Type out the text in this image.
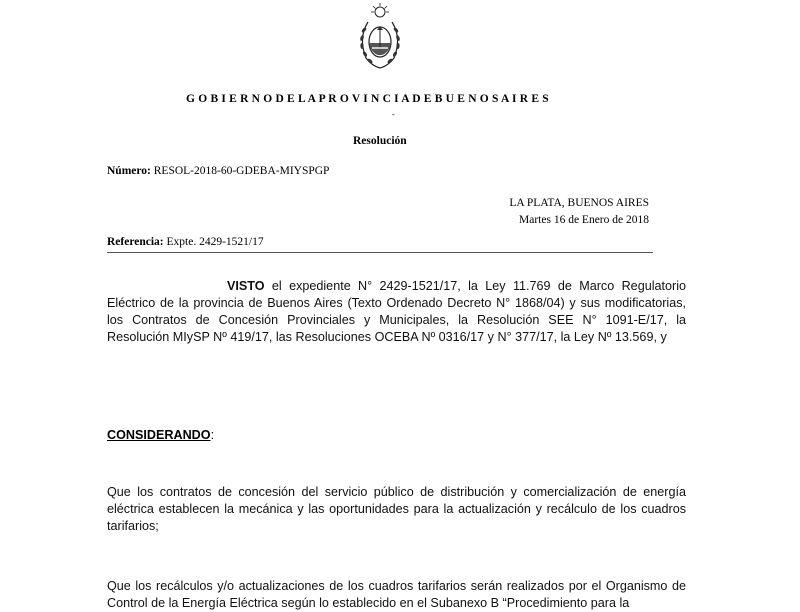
G O B I E R N O D E L A P R O V I N C I A D E B U E N O S A I R E S
-
Resolución
Número: RESOL-2018-60-GDEBA-MIYSPGP
LA PLATA, BUENOS AIRES
Martes 16 de Enero de 2018
Referencia: Expte. 2429-1521/17
VISTO el expediente N° 2429-1521/17, la Ley 11.769 de Marco Regulatorio Eléctrico de la provincia de Buenos Aires (Texto Ordenado Decreto N° 1868/04) y sus modificatorias, los Contratos de Concesión Provinciales y Municipales, la Resolución SEE N° 1091-E/17, la Resolución MIySP Nº 419/17, las Resoluciones OCEBA Nº 0316/17 y N° 377/17, la Ley Nº 13.569, y
CONSIDERANDO:
Que los contratos de concesión del servicio público de distribución y comercialización de energía eléctrica establecen la mecánica y las oportunidades para la actualización y recálculo de los cuadros tarifarios;
Que los recálculos y/o actualizaciones de los cuadros tarifarios serán realizados por el Organismo de Control de la Energía Eléctrica según lo establecido en el Subanexo B “Procedimiento para la
